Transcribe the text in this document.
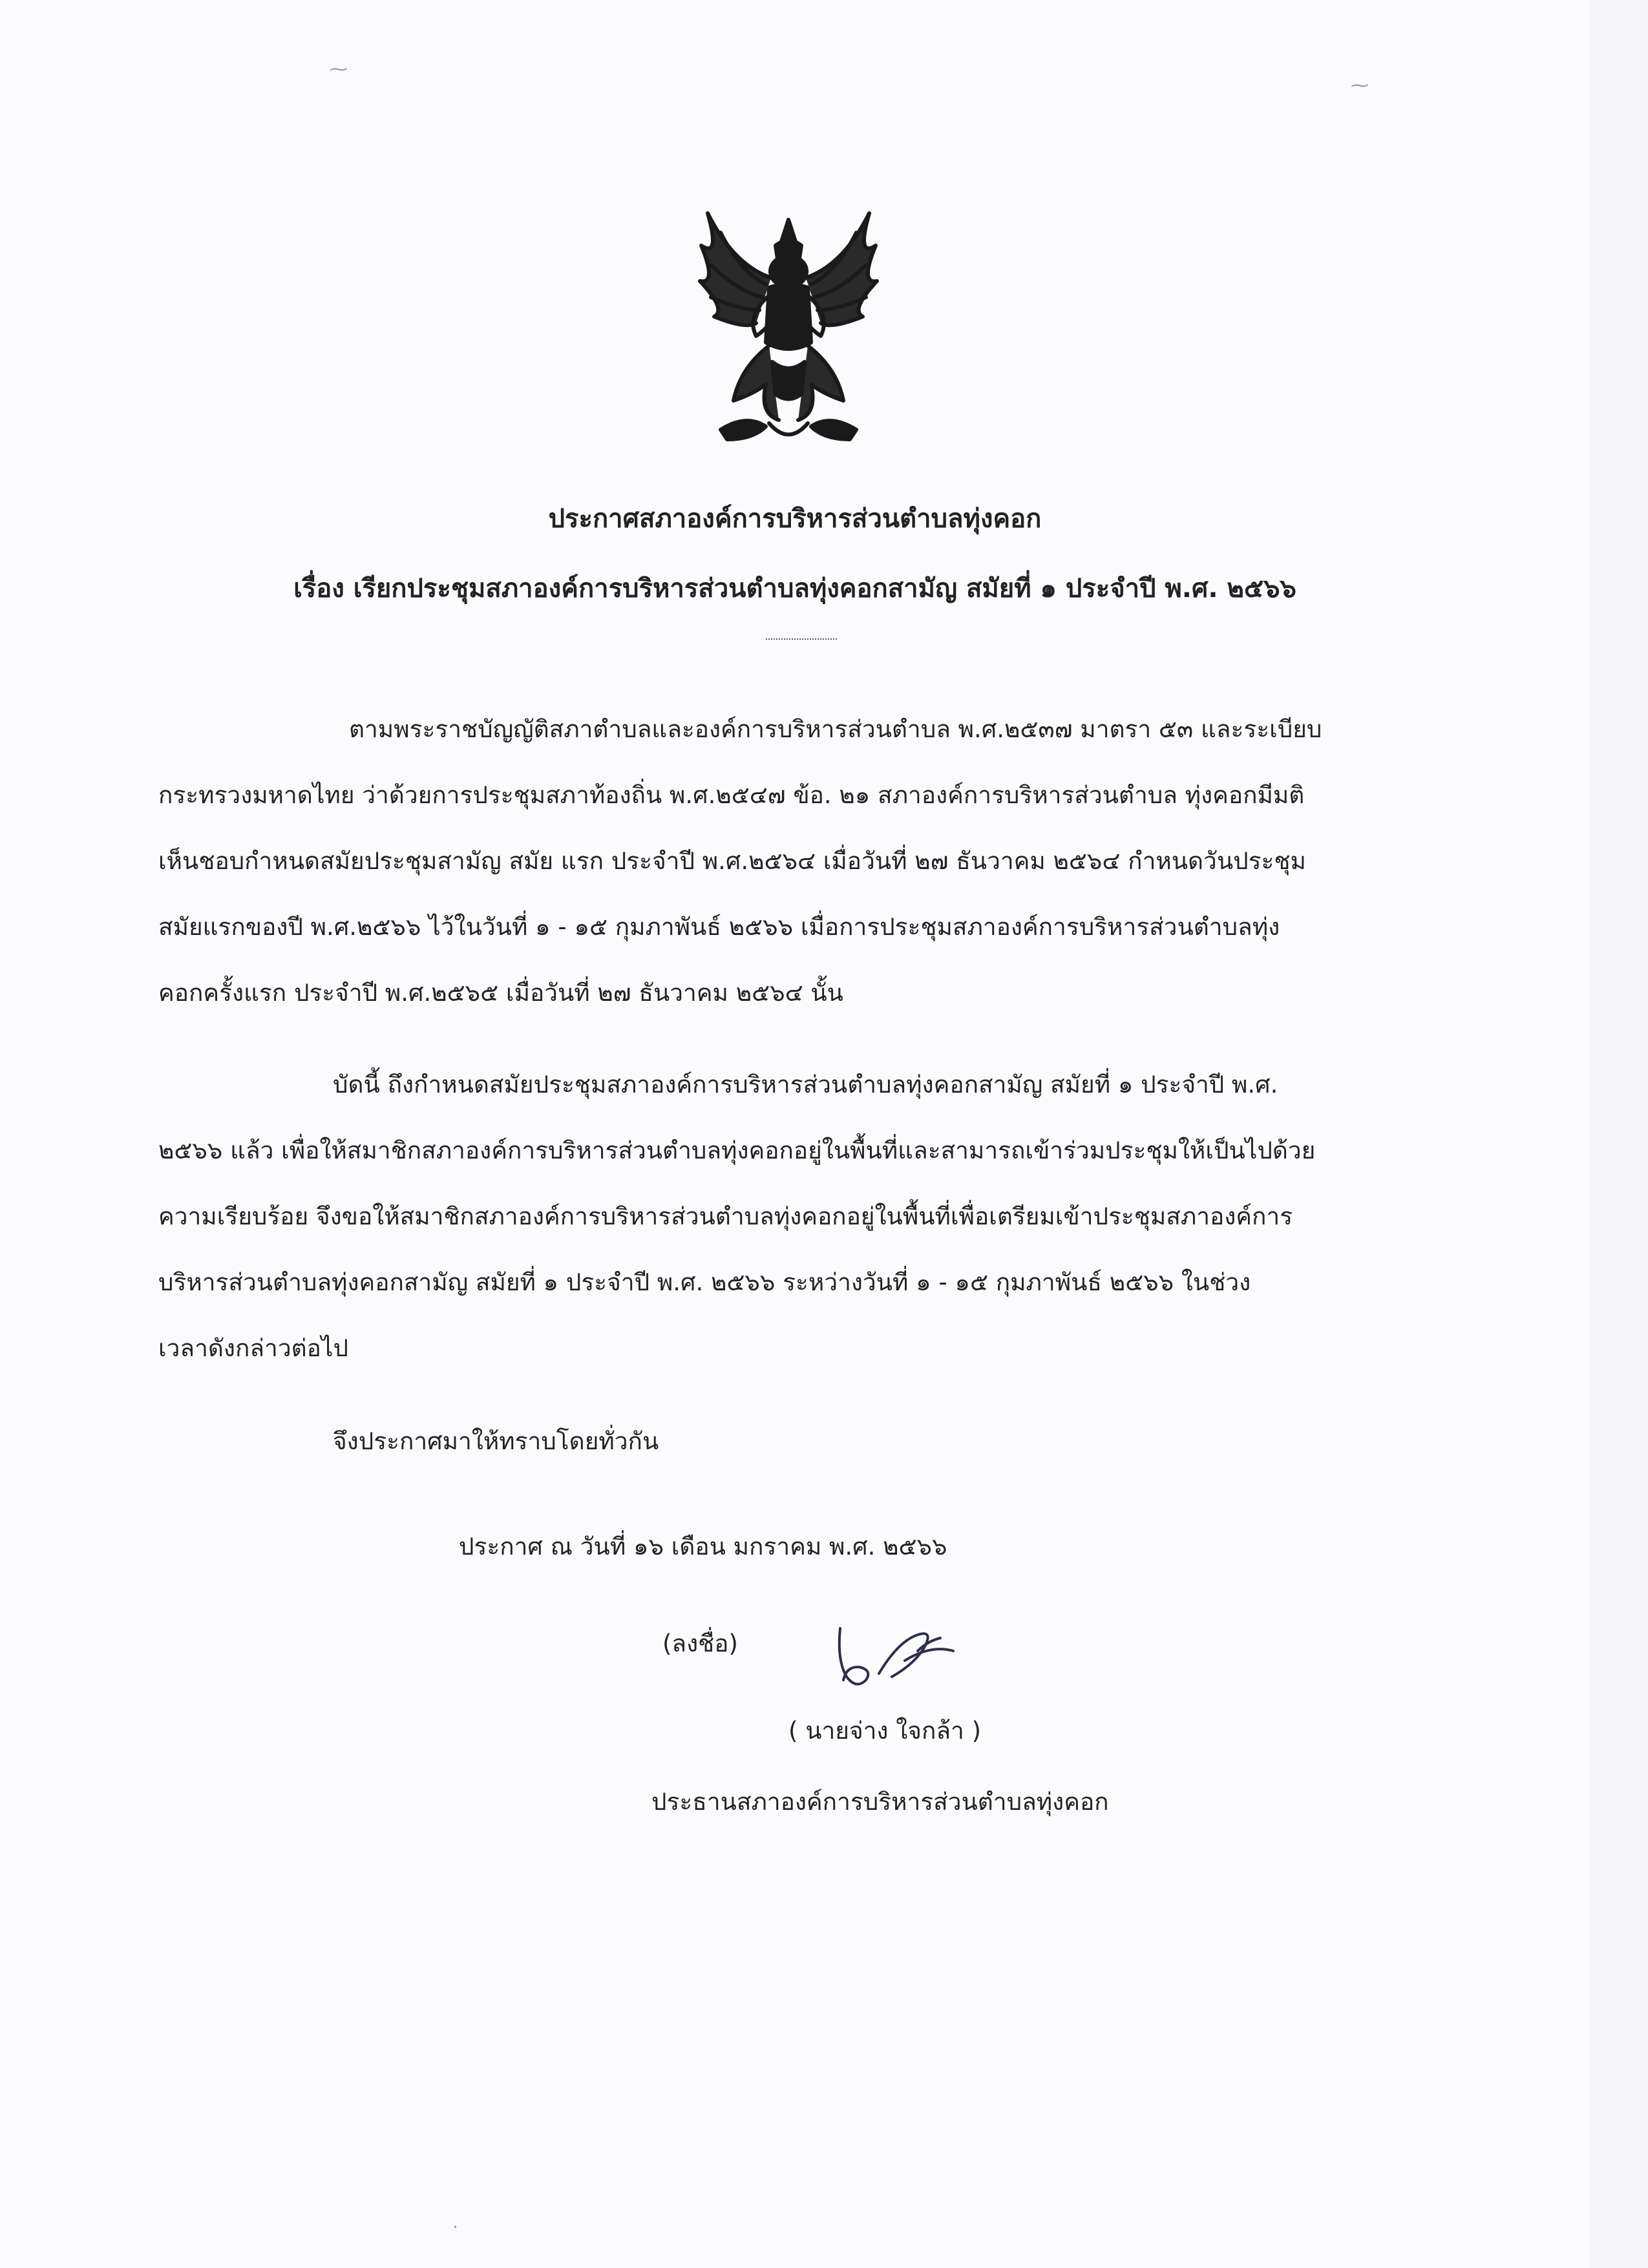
ประกาศสภาองค์การบริหารส่วนตำบลทุ่งคอก
เรื่อง เรียกประชุมสภาองค์การบริหารส่วนตำบลทุ่งคอกสามัญ สมัยที่ ๑ ประจำปี พ.ศ. ๒๕๖๖
ตามพระราชบัญญัติสภาตำบลและองค์การบริหารส่วนตำบล พ.ศ.๒๕๓๗ มาตรา ๕๓ และระเบียบ
กระทรวงมหาดไทย ว่าด้วยการประชุมสภาท้องถิ่น พ.ศ.๒๕๔๗ ข้อ. ๒๑ สภาองค์การบริหารส่วนตำบล ทุ่งคอกมีมติ
เห็นชอบกำหนดสมัยประชุมสามัญ สมัย แรก ประจำปี พ.ศ.๒๕๖๔ เมื่อวันที่ ๒๗ ธันวาคม ๒๕๖๔ กำหนดวันประชุม
สมัยแรกของปี พ.ศ.๒๕๖๖ ไว้ในวันที่ ๑ - ๑๕ กุมภาพันธ์ ๒๕๖๖ เมื่อการประชุมสภาองค์การบริหารส่วนตำบลทุ่ง
คอกครั้งแรก ประจำปี พ.ศ.๒๕๖๕ เมื่อวันที่ ๒๗ ธันวาคม ๒๕๖๔ นั้น
บัดนี้ ถึงกำหนดสมัยประชุมสภาองค์การบริหารส่วนตำบลทุ่งคอกสามัญ สมัยที่ ๑ ประจำปี พ.ศ.
๒๕๖๖ แล้ว เพื่อให้สมาชิกสภาองค์การบริหารส่วนตำบลทุ่งคอกอยู่ในพื้นที่และสามารถเข้าร่วมประชุมให้เป็นไปด้วย
ความเรียบร้อย จึงขอให้สมาชิกสภาองค์การบริหารส่วนตำบลทุ่งคอกอยู่ในพื้นที่เพื่อเตรียมเข้าประชุมสภาองค์การ
บริหารส่วนตำบลทุ่งคอกสามัญ สมัยที่ ๑ ประจำปี พ.ศ. ๒๕๖๖ ระหว่างวันที่ ๑ - ๑๕ กุมภาพันธ์ ๒๕๖๖ ในช่วง
เวลาดังกล่าวต่อไป
จึงประกาศมาให้ทราบโดยทั่วกัน
ประกาศ ณ วันที่ ๑๖ เดือน มกราคม พ.ศ. ๒๕๖๖
(ลงชื่อ)
( นายจ่าง ใจกล้า )
ประธานสภาองค์การบริหารส่วนตำบลทุ่งคอก
⁓
⁓
·
